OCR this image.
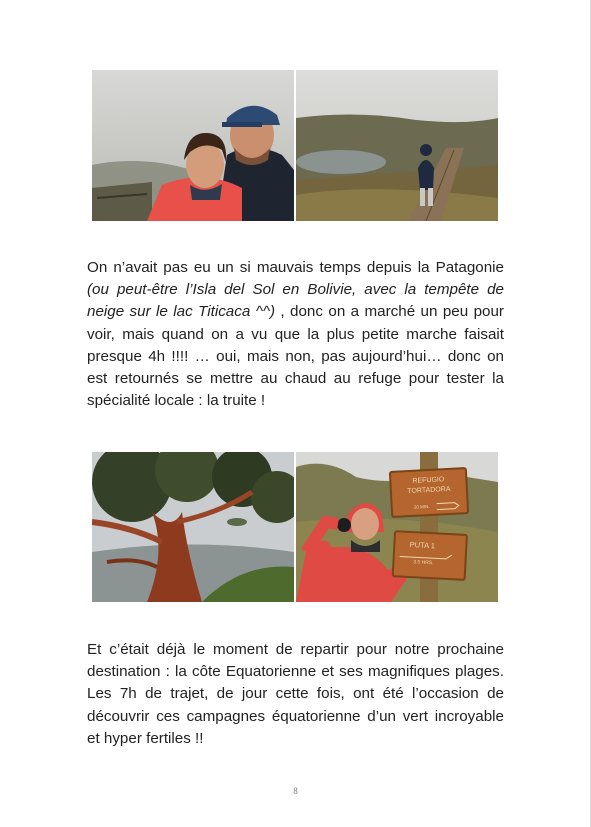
On n’avait pas eu un si mauvais temps depuis la Patagonie (ou peut-être l’Isla del Sol en Bolivie, avec la tempête de neige sur le lac Titicaca ^^) , donc on a marché un peu pour voir, mais quand on a vu que la plus petite marche faisait presque 4h !!!! … oui, mais non, pas aujourd’hui… donc on est retournés se mettre au chaud au refuge pour tester la spécialité locale : la truite !

REFUGIO
TORTADORA
20 MIN.
PUTA 1
3.5 HRS.

Et c’était déjà le moment de repartir pour notre prochaine destination : la côte Equatorienne et ses magnifiques plages. Les 7h de trajet, de jour cette fois, ont été l’occasion de découvrir ces campagnes équatorienne d’un vert incroyable et hyper fertiles !!

8
